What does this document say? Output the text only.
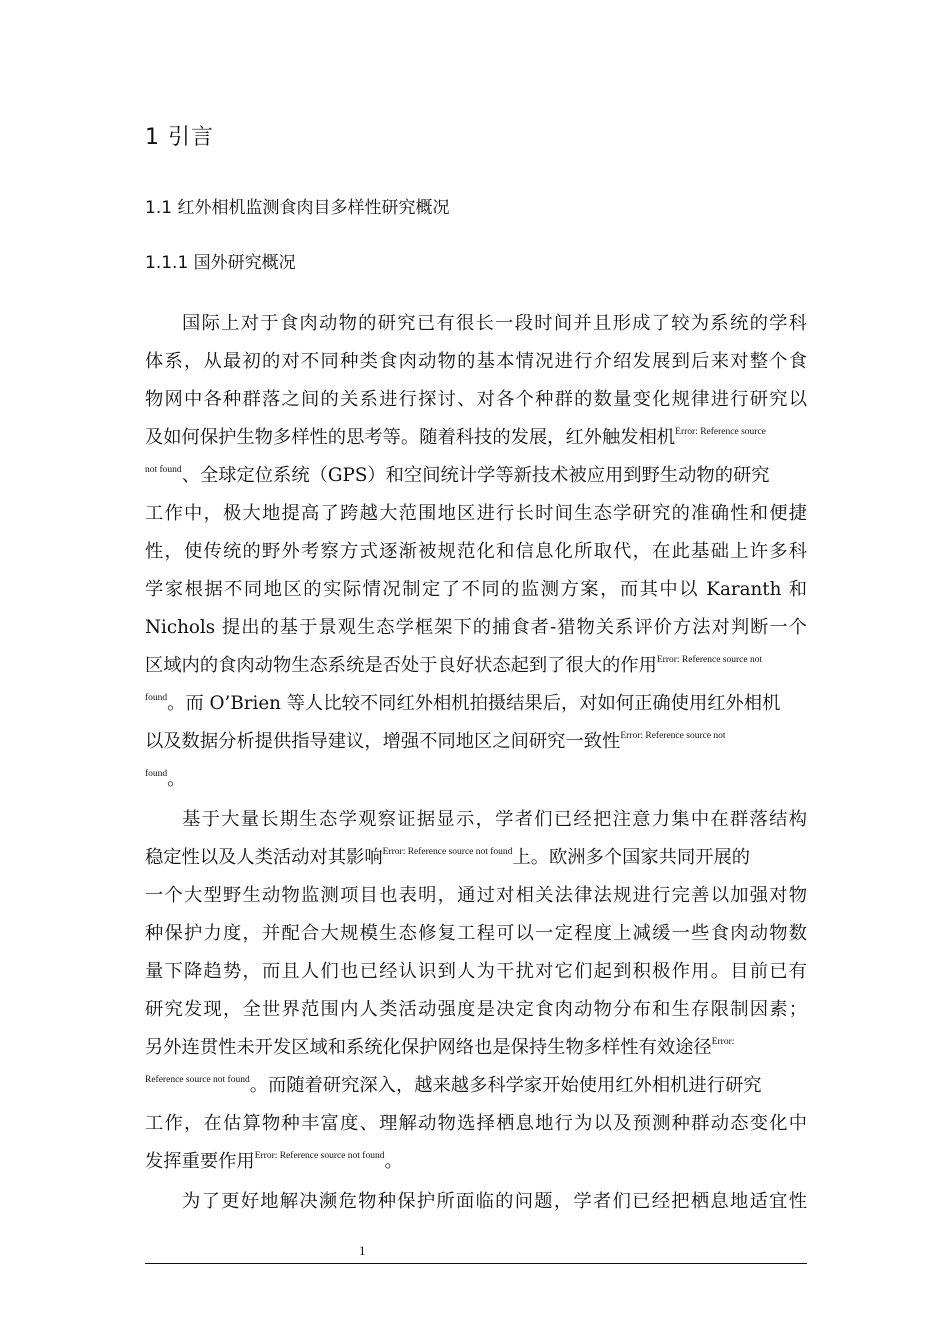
1 引言
1.1 红外相机监测食肉目多样性研究概况
1.1.1 国外研究概况
国际上对于食肉动物的研究已有很长一段时间并且形成了较为系统的学科
体系，从最初的对不同种类食肉动物的基本情况进行介绍发展到后来对整个食
物网中各种群落之间的关系进行探讨、对各个种群的数量变化规律进行研究以
及如何保护生物多样性的思考等。随着科技的发展，红外触发相机$^{Error: Reference source}$
$^{not found}$、全球定位系统（GPS）和空间统计学等新技术被应用到野生动物的研究
工作中，极大地提高了跨越大范围地区进行长时间生态学研究的准确性和便捷
性，使传统的野外考察方式逐渐被规范化和信息化所取代，在此基础上许多科
学家根据不同地区的实际情况制定了不同的监测方案，而其中以 Karanth 和
Nichols 提出的基于景观生态学框架下的捕食者-猎物关系评价方法对判断一个
区域内的食肉动物生态系统是否处于良好状态起到了很大的作用$^{Error: Reference source not}$
$^{found}$。而 O’Brien 等人比较不同红外相机拍摄结果后，对如何正确使用红外相机
以及数据分析提供指导建议，增强不同地区之间研究一致性$^{Error: Reference source not}$
$^{found}$。
基于大量长期生态学观察证据显示，学者们已经把注意力集中在群落结构
稳定性以及人类活动对其影响$^{Error: Reference source not found}$上。欧洲多个国家共同开展的
一个大型野生动物监测项目也表明，通过对相关法律法规进行完善以加强对物
种保护力度，并配合大规模生态修复工程可以一定程度上减缓一些食肉动物数
量下降趋势，而且人们也已经认识到人为干扰对它们起到积极作用。目前已有
研究发现，全世界范围内人类活动强度是决定食肉动物分布和生存限制因素；
另外连贯性未开发区域和系统化保护网络也是保持生物多样性有效途径$^{Error:}$
$^{Reference source not found}$。而随着研究深入，越来越多科学家开始使用红外相机进行研究
工作，在估算物种丰富度、理解动物选择栖息地行为以及预测种群动态变化中
发挥重要作用$^{Error: Reference source not found}$。
为了更好地解决濒危物种保护所面临的问题，学者们已经把栖息地适宜性
1
